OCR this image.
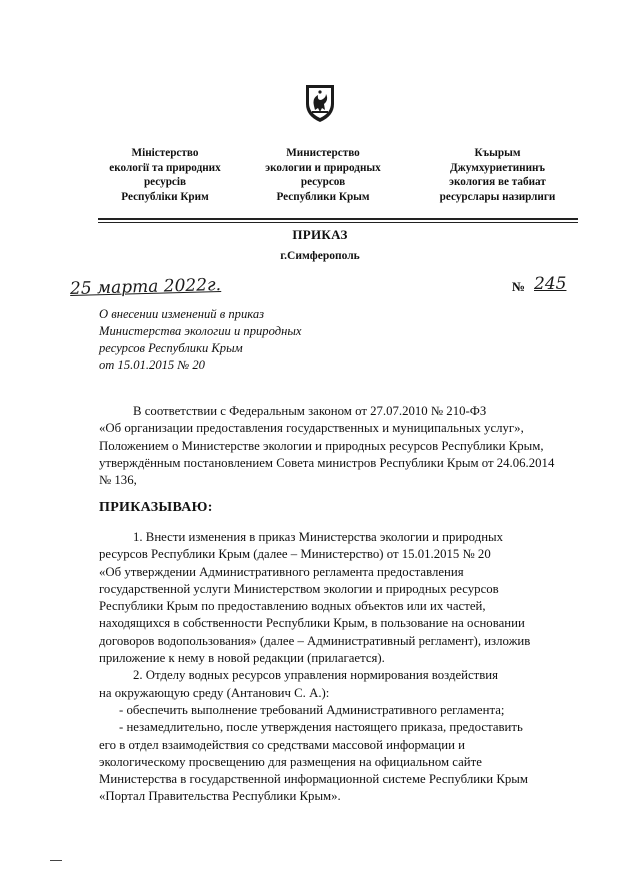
Міністерство
екології та природних
ресурсів
Республіки Крим
Министерство
экологии и природных
ресурсов
Республики Крым
Къырым
Джумхуриетининъ
экология ве табиат
ресурслары назирлиги
ПРИКАЗ
г.Симферополь
25 марта 2022г.	№ 245
О внесении изменений в приказ
Министерства экологии и природных
ресурсов Республики Крым
от 15.01.2015 № 20
В соответствии с Федеральным законом от 27.07.2010 № 210-ФЗ
«Об организации предоставления государственных и муниципальных услуг»,
Положением о Министерстве экологии и природных ресурсов Республики Крым,
утверждённым постановлением Совета министров Республики Крым от 24.06.2014
№ 136,
ПРИКАЗЫВАЮ:
1. Внести изменения в приказ Министерства экологии и природных
ресурсов Республики Крым (далее – Министерство) от 15.01.2015 № 20
«Об утверждении Административного регламента предоставления
государственной услуги Министерством экологии и природных ресурсов
Республики Крым по предоставлению водных объектов или их частей,
находящихся в собственности Республики Крым, в пользование на основании
договоров водопользования» (далее – Административный регламент), изложив
приложение к нему в новой редакции (прилагается).
2. Отделу водных ресурсов управления нормирования воздействия
на окружающую среду (Антанович С. А.):
- обеспечить выполнение требований Административного регламента;
- незамедлительно, после утверждения настоящего приказа, предоставить
его в отдел взаимодействия со средствами массовой информации и
экологическому просвещению для размещения на официальном сайте
Министерства в государственной информационной системе Республики Крым
«Портал Правительства Республики Крым».
